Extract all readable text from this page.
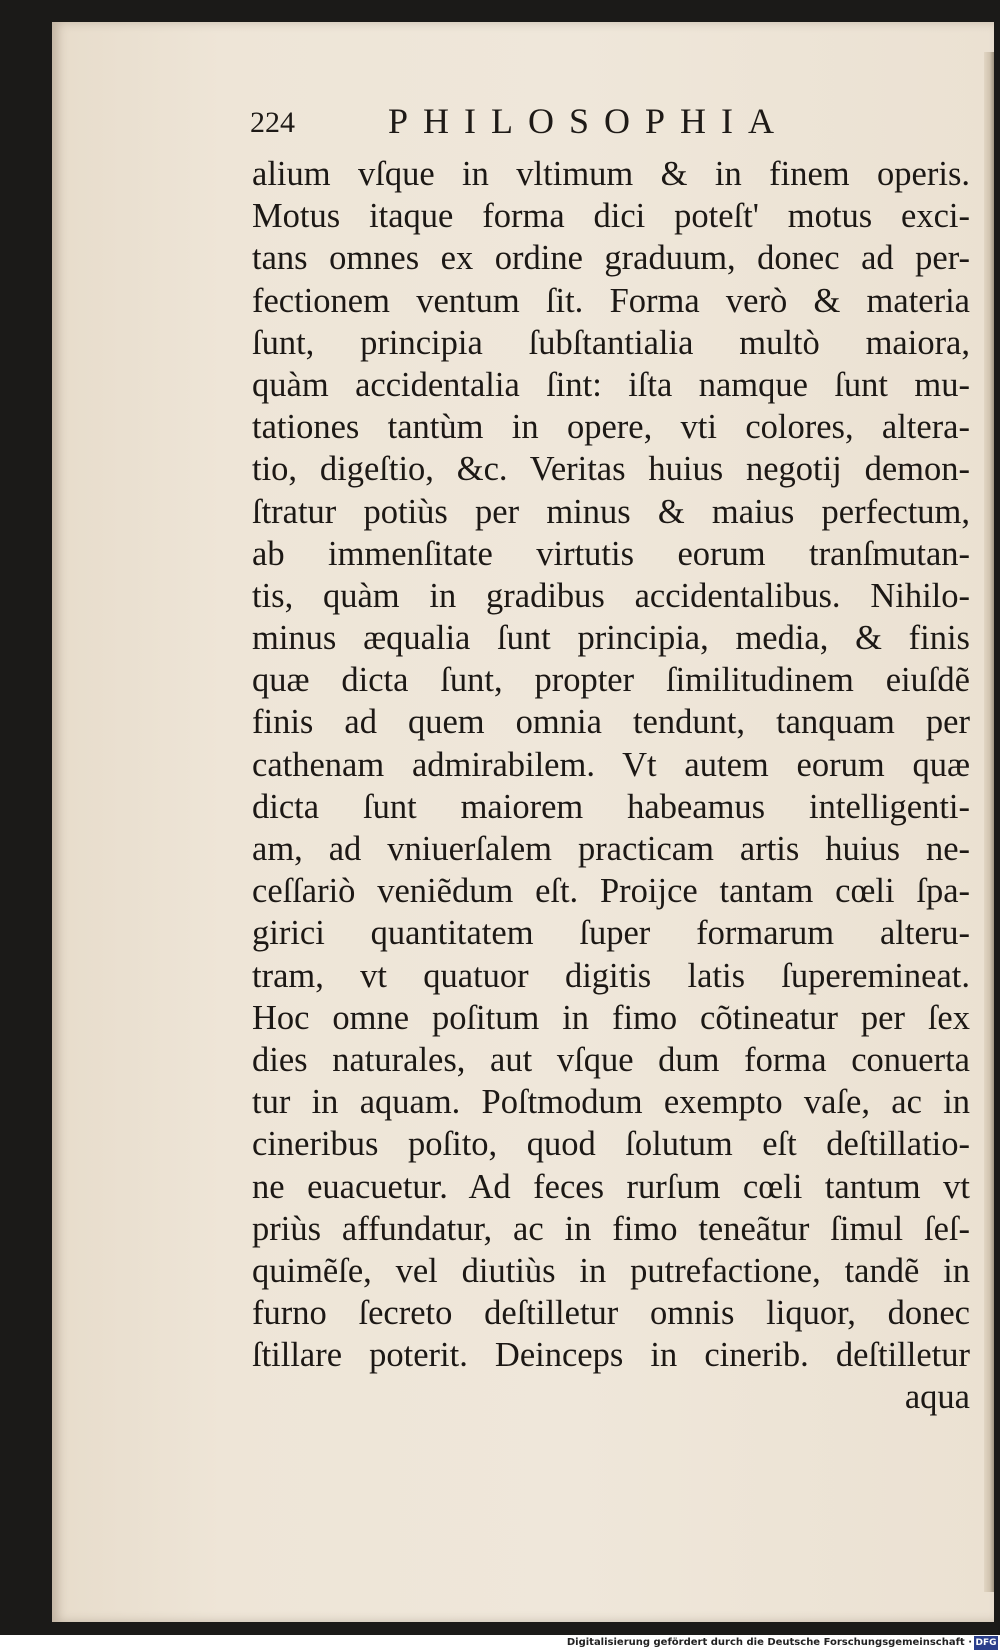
224	PHILOSOPHIA
alium vſque in vltimum & in finem operis.
Motus itaque forma dici poteſt' motus exci-
tans omnes ex ordine graduum, donec ad per-
fectionem ventum ſit. Forma verò & materia
ſunt, principia ſubſtantialia multò maiora,
quàm accidentalia ſint: iſta namque ſunt mu-
tationes tantùm in opere, vti colores, altera-
tio, digeſtio, &c. Veritas huius negotij demon-
ſtratur potiùs per minus & maius perfectum,
ab immenſitate virtutis eorum tranſmutan-
tis, quàm in gradibus accidentalibus. Nihilo-
minus æqualia ſunt principia, media, & finis
quæ dicta ſunt, propter ſimilitudinem eiuſdẽ
finis ad quem omnia tendunt, tanquam per
cathenam admirabilem. Vt autem eorum quæ
dicta ſunt maiorem habeamus intelligenti-
am, ad vniuerſalem practicam artis huius ne-
ceſſariò veniẽdum eſt. Proijce tantam cœli ſpa-
girici quantitatem ſuper formarum alteru-
tram, vt quatuor digitis latis ſupereminеat.
Hoc omne poſitum in fimo cõtineatur per ſex
dies naturales, aut vſque dum forma conuerta
tur in aquam. Poſtmodum exempto vaſe, ac in
cineribus poſito, quod ſolutum eſt deſtillatio-
ne euacuetur. Ad feces rurſum cœli tantum vt
priùs affundatur, ac in fimo teneãtur ſimul ſeſ-
quimẽſe, vel diutiùs in putrefactione, tandẽ in
furno ſecreto deſtilletur omnis liquor, donec
ſtillare poterit. Deinceps in cinerib. deſtilletur
aqua
Digitalisierung gefördert durch die Deutsche Forschungsgemeinschaft · DFG
